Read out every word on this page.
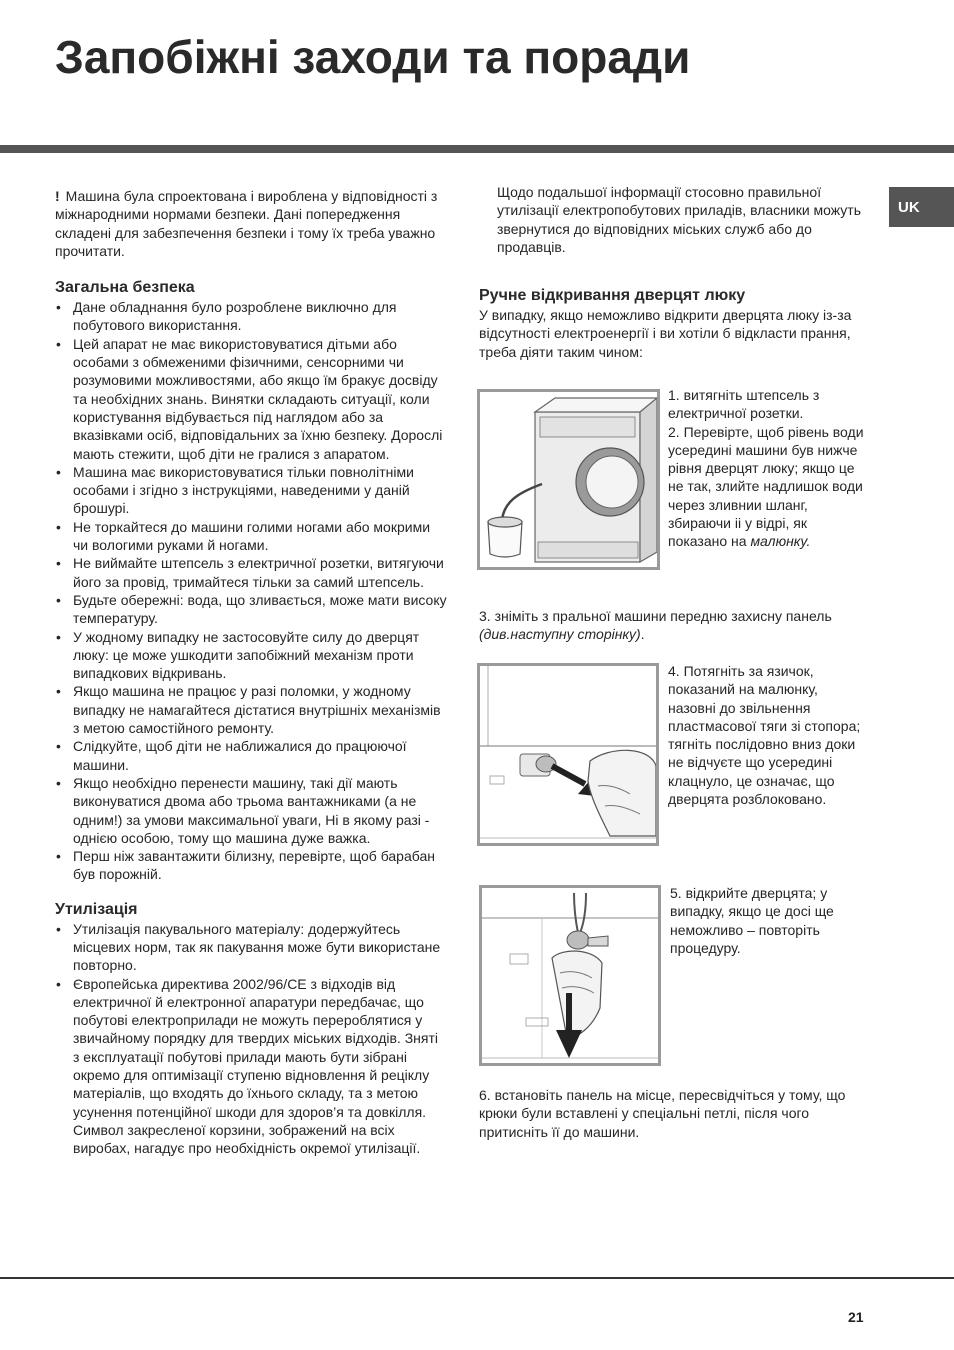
Запобіжні заходи та поради
UK

! Машина була спроектована і вироблена у відповідності з міжнародними нормами безпеки. Дані попередження складені для забезпечення безпеки і тому їх треба уважно прочитати.

Загальна безпека
• Дане обладнання було розроблене виключно для побутового використання.
• Цей апарат не має використовуватися дітьми або особами з обмеженими фізичними, сенсорними чи розумовими можливостями, або якщо їм бракує досвіду та необхідних знань. Винятки складають ситуації, коли користування відбувається під наглядом або за вказівками осіб, відповідальних за їхню безпеку. Дорослі мають стежити, щоб діти не гралися з апаратом.
• Машина має використовуватися тільки повнолітніми особами і згідно з інструкціями, наведеними у даній брошурі.
• Не торкайтеся до машини голими ногами або мокрими чи вологими руками й ногами.
• Не виймайте штепсель з електричної розетки, витягуючи його за провід, тримайтеся тільки за самий штепсель.
• Будьте обережні: вода, що зливається, може мати високу температуру.
• У жодному випадку не застосовуйте силу до дверцят люку: це може ушкодити запобіжний механізм проти випадкових відкривань.
• Якщо машина не працює у разі поломки, у жодному випадку не намагайтеся дістатися внутрішніх механізмів з метою самостійного ремонту.
• Слідкуйте, щоб діти не наближалися до працюючої машини.
• Якщо необхідно перенести машину, такі дії мають виконуватися двома або трьома вантажниками (а не одним!) за умови максимальної уваги, Ні в якому разі - однією особою, тому що машина дуже важка.
• Перш ніж завантажити білизну, перевірте, щоб барабан був порожній.
Утилізація
• Утилізація пакувального матеріалу: додержуйтесь місцевих норм, так як пакування може бути використане повторно.
• Європейська директива 2002/96/CE з відходів від електричної й електронної апаратури передбачає, що побутові електроприлади не можуть перероблятися у звичайному порядку для твердих міських відходів. Зняті з експлуатації побутові прилади мають бути зібрані окремо для оптимізації ступеню відновлення й реціклу матеріалів, що входять до їхнього складу, та з метою усунення потенційної шкоди для здоров’я та довкілля. Символ закресленої корзини, зображений на всіх виробах, нагадує про необхідність окремої утилізації.

Щодо подальшої інформації стосовно правильної утилізації електропобутових приладів, власники можуть звернутися до відповідних міських служб або до продавців.

Ручне відкривання дверцят люку

У випадку, якщо неможливо відкрити дверцята люку із-за відсутності електроенергії і ви хотіли б відкласти прання, треба діяти таким чином:

1. витягніть штепсель з електричної розетки.

2. Перевірте, щоб рівень води усередині машини був нижче рівня дверцят люку; якщо це не так, злийте надлишок води через зливнии шланг, збираючи ii у відрі, як показано на малюнку.

3. зніміть з пральної машини передню захисну панель (див.наступну сторінку).

4. Потягніть за язичок, показаний на малюнку, назовні до звільнення пластмасової тяги зі стопора; тягніть послідовно вниз доки не відчуєте що усередині клацнуло, це означає, що дверцята розблоковано.
5. відкрийте дверцята; у випадку, якщо це досі ще неможливо – повторіть процедуру.
6. встановіть панель на місце, пересвідчіться у тому, що крюки були вставлені у спеціальні петлі, після чого притисніть її до машини.
21
